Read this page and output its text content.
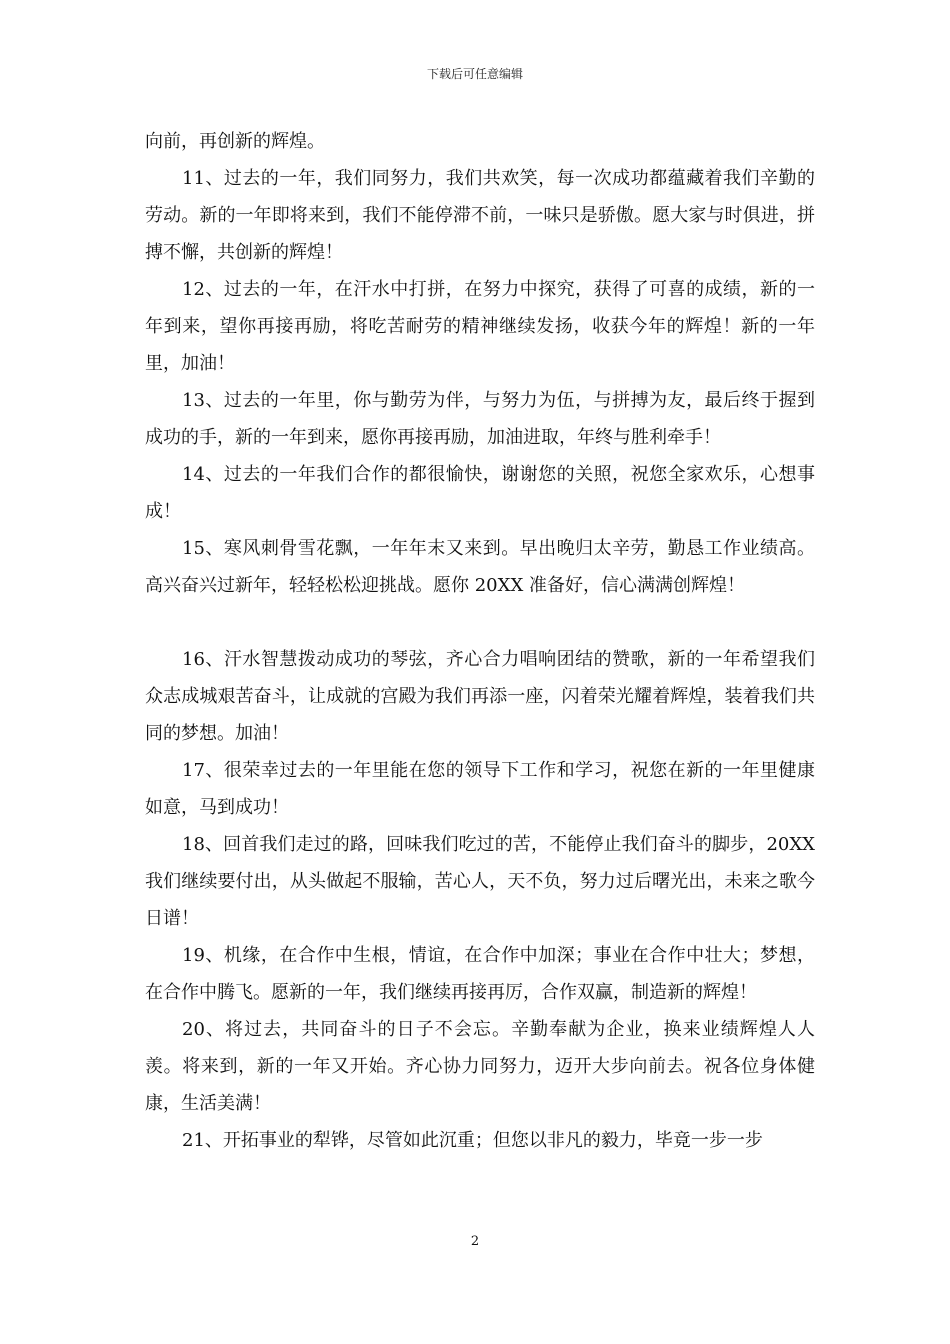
下载后可任意编辑

向前，再创新的辉煌。

11、过去的一年，我们同努力，我们共欢笑，每一次成功都蕴藏着我们辛勤的劳动。新的一年即将来到，我们不能停滞不前，一味只是骄傲。愿大家与时俱进，拼搏不懈，共创新的辉煌！

12、过去的一年，在汗水中打拼，在努力中探究，获得了可喜的成绩，新的一年到来，望你再接再励，将吃苦耐劳的精神继续发扬，收获今年的辉煌！新的一年里，加油！

13、过去的一年里，你与勤劳为伴，与努力为伍，与拼搏为友，最后终于握到成功的手，新的一年到来，愿你再接再励，加油进取，年终与胜利牵手！

14、过去的一年我们合作的都很愉快，谢谢您的关照，祝您全家欢乐，心想事成！

15、寒风刺骨雪花飘，一年年末又来到。早出晚归太辛劳，勤恳工作业绩高。高兴奋兴过新年，轻轻松松迎挑战。愿你 20XX 准备好，信心满满创辉煌！

16、汗水智慧拨动成功的琴弦，齐心合力唱响团结的赞歌，新的一年希望我们众志成城艰苦奋斗，让成就的宫殿为我们再添一座，闪着荣光耀着辉煌，装着我们共同的梦想。加油！

17、很荣幸过去的一年里能在您的领导下工作和学习，祝您在新的一年里健康如意，马到成功！

18、回首我们走过的路，回味我们吃过的苦，不能停止我们奋斗的脚步，20XX 我们继续要付出，从头做起不服输，苦心人，天不负，努力过后曙光出，未来之歌今日谱！

19、机缘，在合作中生根，情谊，在合作中加深；事业在合作中壮大；梦想，在合作中腾飞。愿新的一年，我们继续再接再厉，合作双赢，制造新的辉煌！

20、将过去，共同奋斗的日子不会忘。辛勤奉献为企业，换来业绩辉煌人人羡。将来到，新的一年又开始。齐心协力同努力，迈开大步向前去。祝各位身体健康，生活美满！

21、开拓事业的犁铧，尽管如此沉重；但您以非凡的毅力，毕竟一步一步

2
